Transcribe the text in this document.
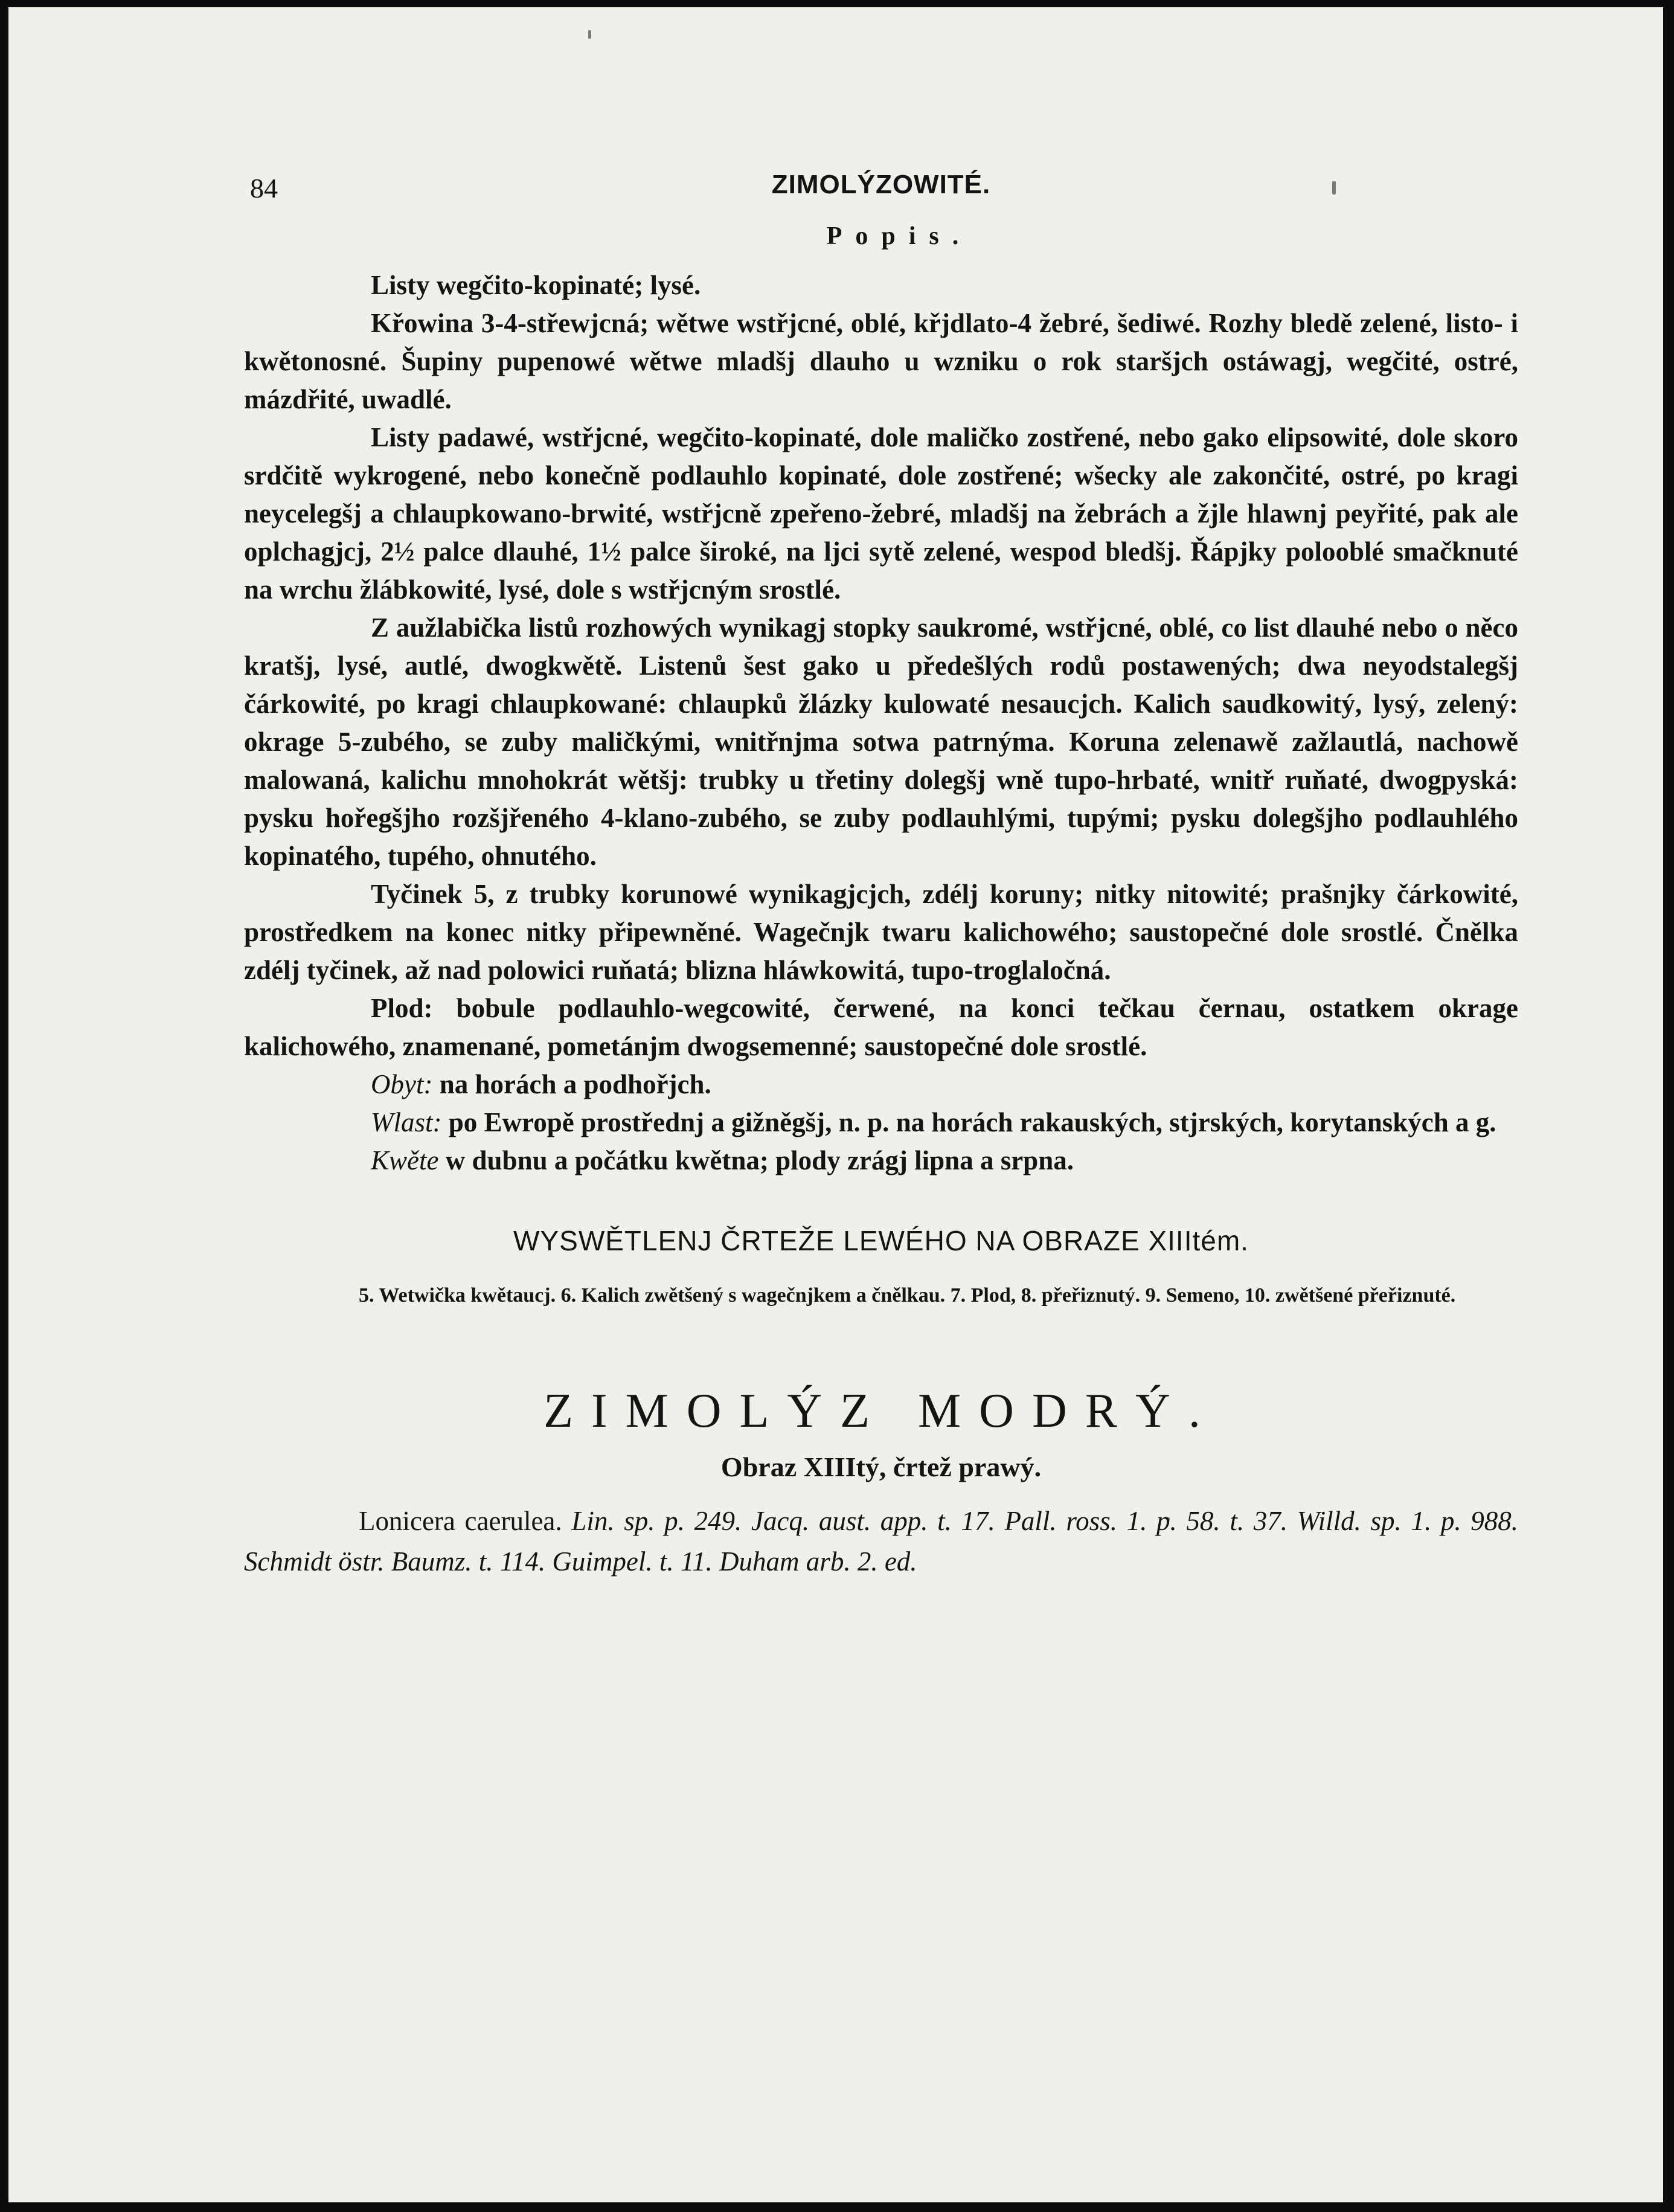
84	ZIMOLÝZOWITÉ.
Popis.

Listy wegčito-kopinaté; lysé.

Křowina 3-4-střewjcná; wětwe wstřjcné, oblé, křjdlato-4 žebré, šediwé. Rozhy bledě zelené, listo- i kwětonosné. Šupiny pupenowé wětwe mladšj dlauho u wzniku o rok staršjch ostáwagj, wegčité, ostré, mázdřité, uwadlé.

Listy padawé, wstřjcné, wegčito-kopinaté, dole maličko zostřené, nebo gako elipsowité, dole skoro srdčitě wykrogené, nebo konečně podlauhlo kopinaté, dole zostřené; wšecky ale zakončité, ostré, po kragi neycelegšj a chlaupkowano-brwité, wstřjcně zpeřeno-žebré, mladšj na žebrách a žjle hlawnj peyřité, pak ale oplchagjcj, 2½ palce dlauhé, 1½ palce široké, na ljci sytě zelené, wespod bledšj. Řápjky polooblé smačknuté na wrchu žlábkowité, lysé, dole s wstřjcným srostlé.

Z aužlabička listů rozhowých wynikagj stopky saukromé, wstřjcné, oblé, co list dlauhé nebo o něco kratšj, lysé, autlé, dwogkwětě. Listenů šest gako u předešlých rodů postawených; dwa neyodstalegšj čárkowité, po kragi chlaupkowané: chlaupků žlázky kulowaté nesaucjch. Kalich saudkowitý, lysý, zelený: okrage 5-zubého, se zuby maličkými, wnitřnjma sotwa patrnýma. Koruna zelenawě zažlautlá, nachowě malowaná, kalichu mnohokrát wětšj: trubky u třetiny dolegšj wně tupo-hrbaté, wnitř ruňaté, dwogpyská: pysku hořegšjho rozšjřeného 4-klano-zubého, se zuby podlauhlými, tupými; pysku dolegšjho podlauhlého kopinatého, tupého, ohnutého.

Tyčinek 5, z trubky korunowé wynikagjcjch, zdélj koruny; nitky nitowité; prašnjky čárkowité, prostředkem na konec nitky připewněné. Wagečnjk twaru kalichowého; saustopečné dole srostlé. Čnělka zdélj tyčinek, až nad polowici ruňatá; blizna hláwkowitá, tupo-troglaločná.

Plod: bobule podlauhlo-wegcowité, čerwené, na konci tečkau černau, ostatkem okrage kalichowého, znamenané, pometánjm dwogsemenné; saustopečné dole srostlé.

Obyt: na horách a podhořjch.

Wlast: po Ewropě prostřednj a gižněgšj, n. p. na horách rakauských, stjrských, korytanských a g.

Kwěte w dubnu a počátku kwětna; plody zrágj lipna a srpna.

WYSWĚTLENJ ČRTEŽE LEWÉHO NA OBRAZE XIIItém.

5. Wetwička kwětaucj. 6. Kalich zwětšený s wagečnjkem a čnělkau. 7. Plod, 8. přeřiznutý. 9. Semeno, 10. zwětšené přeřiznuté.

ZIMOLÝZ MODRÝ.
Obraz XIIItý, črtež prawý.

Lonicera caerulea. Lin. sp. p. 249. Jacq. aust. app. t. 17. Pall. ross. 1. p. 58. t. 37. Willd. sp. 1. p. 988. Schmidt östr. Baumz. t. 114. Guimpel. t. 11. Duham arb. 2. ed.
